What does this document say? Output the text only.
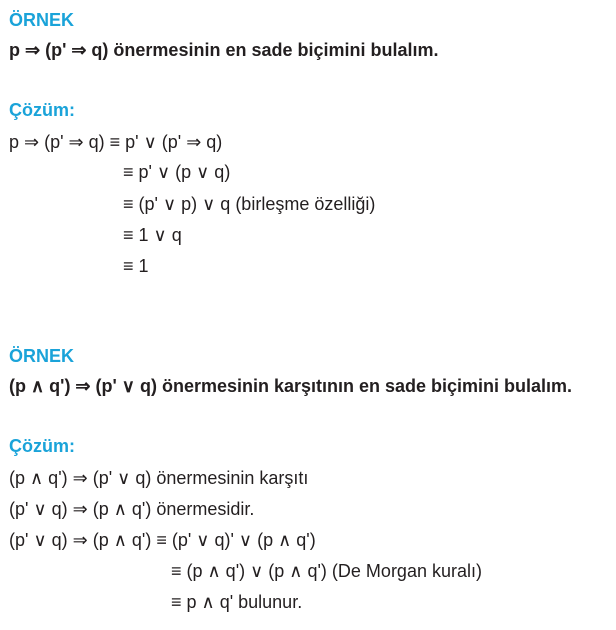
ÖRNEK
p ⇒ (p' ⇒ q) önermesinin en sade biçimini bulalım.
Çözüm:
p ⇒ (p' ⇒ q) ≡ p' ∨ (p' ⇒ q)
≡ p' ∨ (p ∨ q)
≡ (p' ∨ p) ∨ q (birleşme özelliği)
≡ 1 ∨ q
≡ 1
ÖRNEK
(p ∧ q') ⇒ (p' ∨ q) önermesinin karşıtının en sade biçimini bulalım.
Çözüm:
(p ∧ q') ⇒ (p' ∨ q) önermesinin karşıtı
(p' ∨ q) ⇒ (p ∧ q') önermesidir.
(p' ∨ q) ⇒ (p ∧ q') ≡ (p' ∨ q)' ∨ (p ∧ q')
≡ (p ∧ q') ∨ (p ∧ q') (De Morgan kuralı)
≡ p ∧ q' bulunur.
